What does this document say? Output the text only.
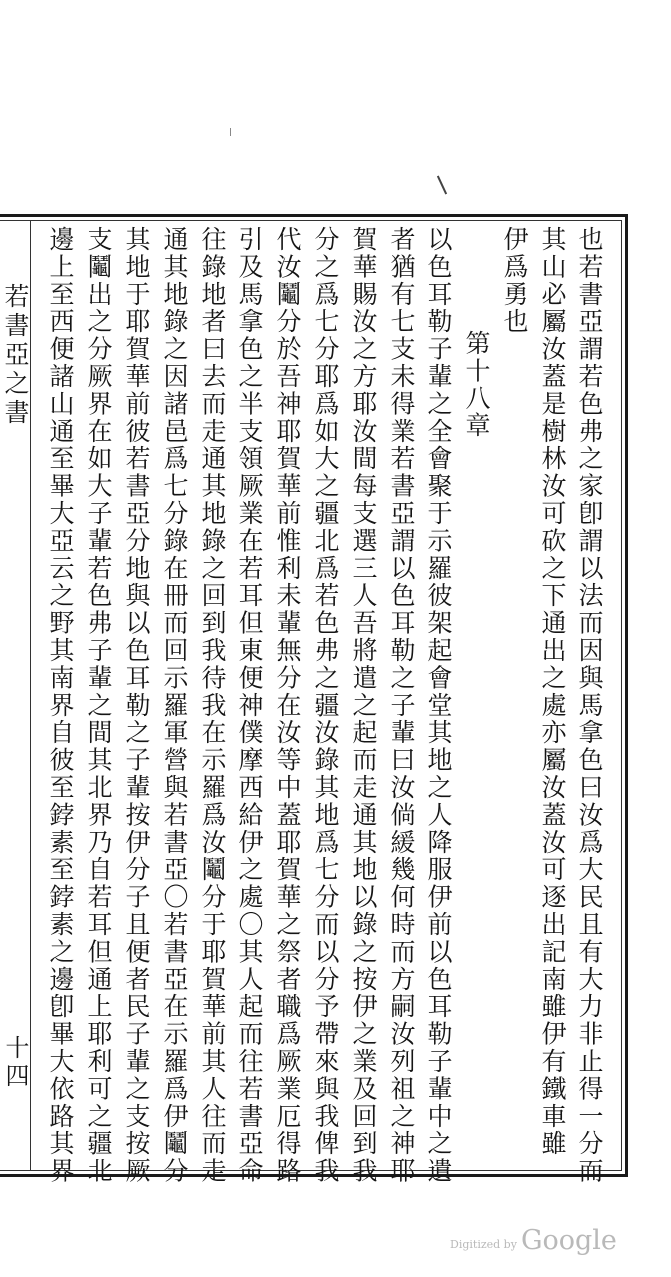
也若書亞謂若色弗之家卽謂以法而因與馬拿色曰汝爲大民且有大力非止得一分而
其山必屬汝蓋是樹林汝可砍之下通出之處亦屬汝蓋汝可逐出記南雖伊有鐵車雖
伊爲勇也
第十八章
以色耳勒子輩之全會聚于示羅彼架起會堂其地之人降服伊前以色耳勒子輩中之遺
者猶有七支未得業若書亞謂以色耳勒之子輩曰汝倘緩幾何時而方嗣汝列祖之神耶
賀華賜汝之方耶汝間每支選三人吾將遣之起而走通其地以錄之按伊之業及回到我
分之爲七分耶爲如大之疆北爲若色弗之疆汝錄其地爲七分而以分予帶來與我俾我
代汝鬮分於吾神耶賀華前惟利未輩無分在汝等中蓋耶賀華之祭者職爲厥業厄得路
引及馬拿色之半支領厥業在若耳但東便神僕摩西給伊之處〇其人起而往若書亞命
往錄地者曰去而走通其地錄之回到我待我在示羅爲汝鬮分于耶賀華前其人往而走
通其地錄之因諸邑爲七分錄在冊而回示羅軍營與若書亞〇若書亞在示羅爲伊鬮分
其地于耶賀華前彼若書亞分地與以色耳勒之子輩按伊分子且便者民子輩之支按厥
支鬮出之分厥界在如大子輩若色弗子輩之間其北界乃自若耳但通上耶利可之疆北
邊上至西便諸山通至畢大亞云之野其南界自彼至鋍素至鋍素之邊卽畢大依路其界
若書亞之書
十四
Digitized by Google
